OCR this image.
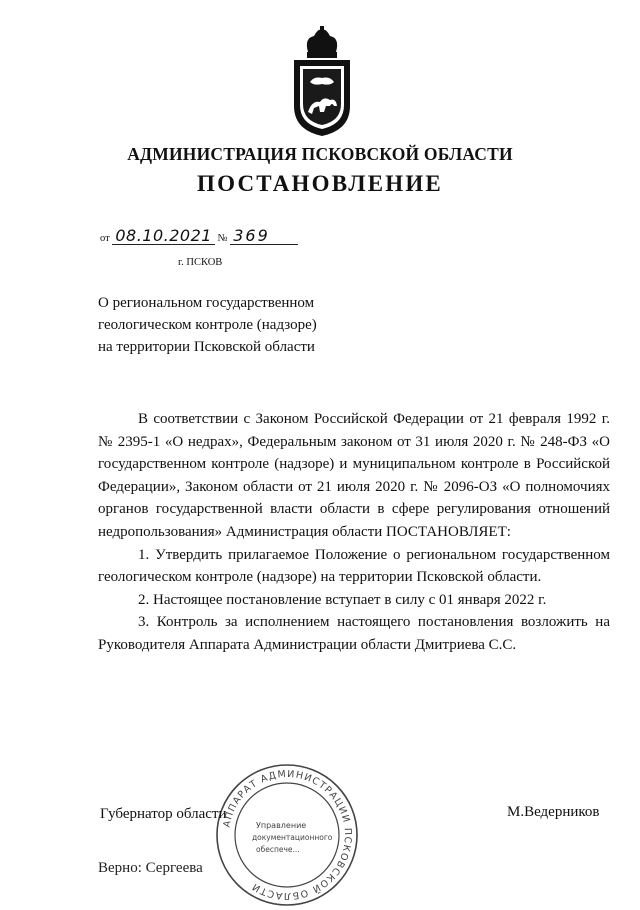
АДМИНИСТРАЦИЯ ПСКОВСКОЙ ОБЛАСТИ
ПОСТАНОВЛЕНИЕ
от 08.10.2021 № 369
г. ПСКОВ
О региональном государственном
геологическом контроле (надзоре)
на территории Псковской области

В соответствии с Законом Российской Федерации от 21 февраля 1992 г. № 2395-1 «О недрах», Федеральным законом от 31 июля 2020 г. № 248-ФЗ «О государственном контроле (надзоре) и муниципальном контроле в Российской Федерации», Законом области от 21 июля 2020 г. № 2096-ОЗ «О полномочиях органов государственной власти области в сфере регулирования отношений недропользования» Администрация области ПОСТАНОВЛЯЕТ:

1. Утвердить прилагаемое Положение о региональном государственном геологическом контроле (надзоре) на территории Псковской области.

2. Настоящее постановление вступает в силу с 01 января 2022 г.

3. Контроль за исполнением настоящего постановления возложить на Руководителя Аппарата Администрации области Дмитриева С.С.

АППАРАТ АДМИНИСТРАЦИИ ПСКОВСКОЙ ОБЛАСТИ
Управление
документационного
обеспече...
Губернатор области	М.Ведерников
Верно: Сергеева
